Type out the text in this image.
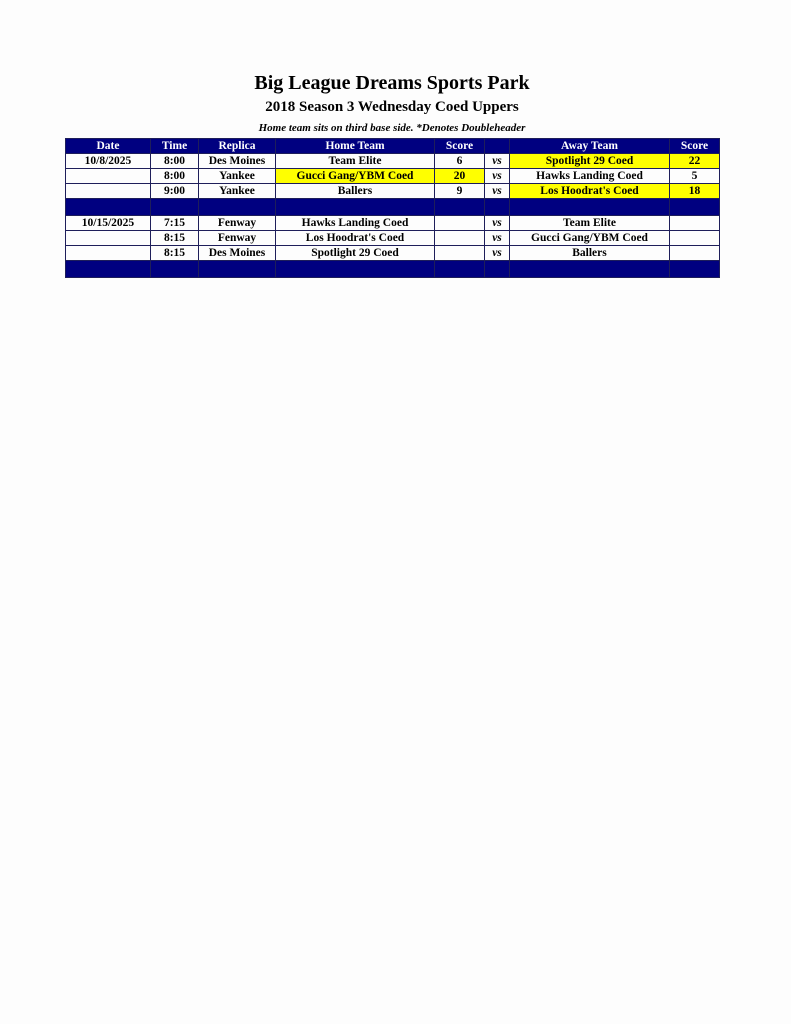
Big League Dreams Sports Park
2018 Season 3 Wednesday Coed Uppers
Home team sits on third base side. *Denotes Doubleheader
Date	Time	Replica	Home Team	Score		Away Team	Score
10/8/2025	8:00	Des Moines	Team Elite	6	vs	Spotlight 29 Coed	22
	8:00	Yankee	Gucci Gang/YBM Coed	20	vs	Hawks Landing Coed	5
	9:00	Yankee	Ballers	9	vs	Los Hoodrat's Coed	18

10/15/2025	7:15	Fenway	Hawks Landing Coed		vs	Team Elite	
	8:15	Fenway	Los Hoodrat's Coed		vs	Gucci Gang/YBM Coed	
	8:15	Des Moines	Spotlight 29 Coed		vs	Ballers	
